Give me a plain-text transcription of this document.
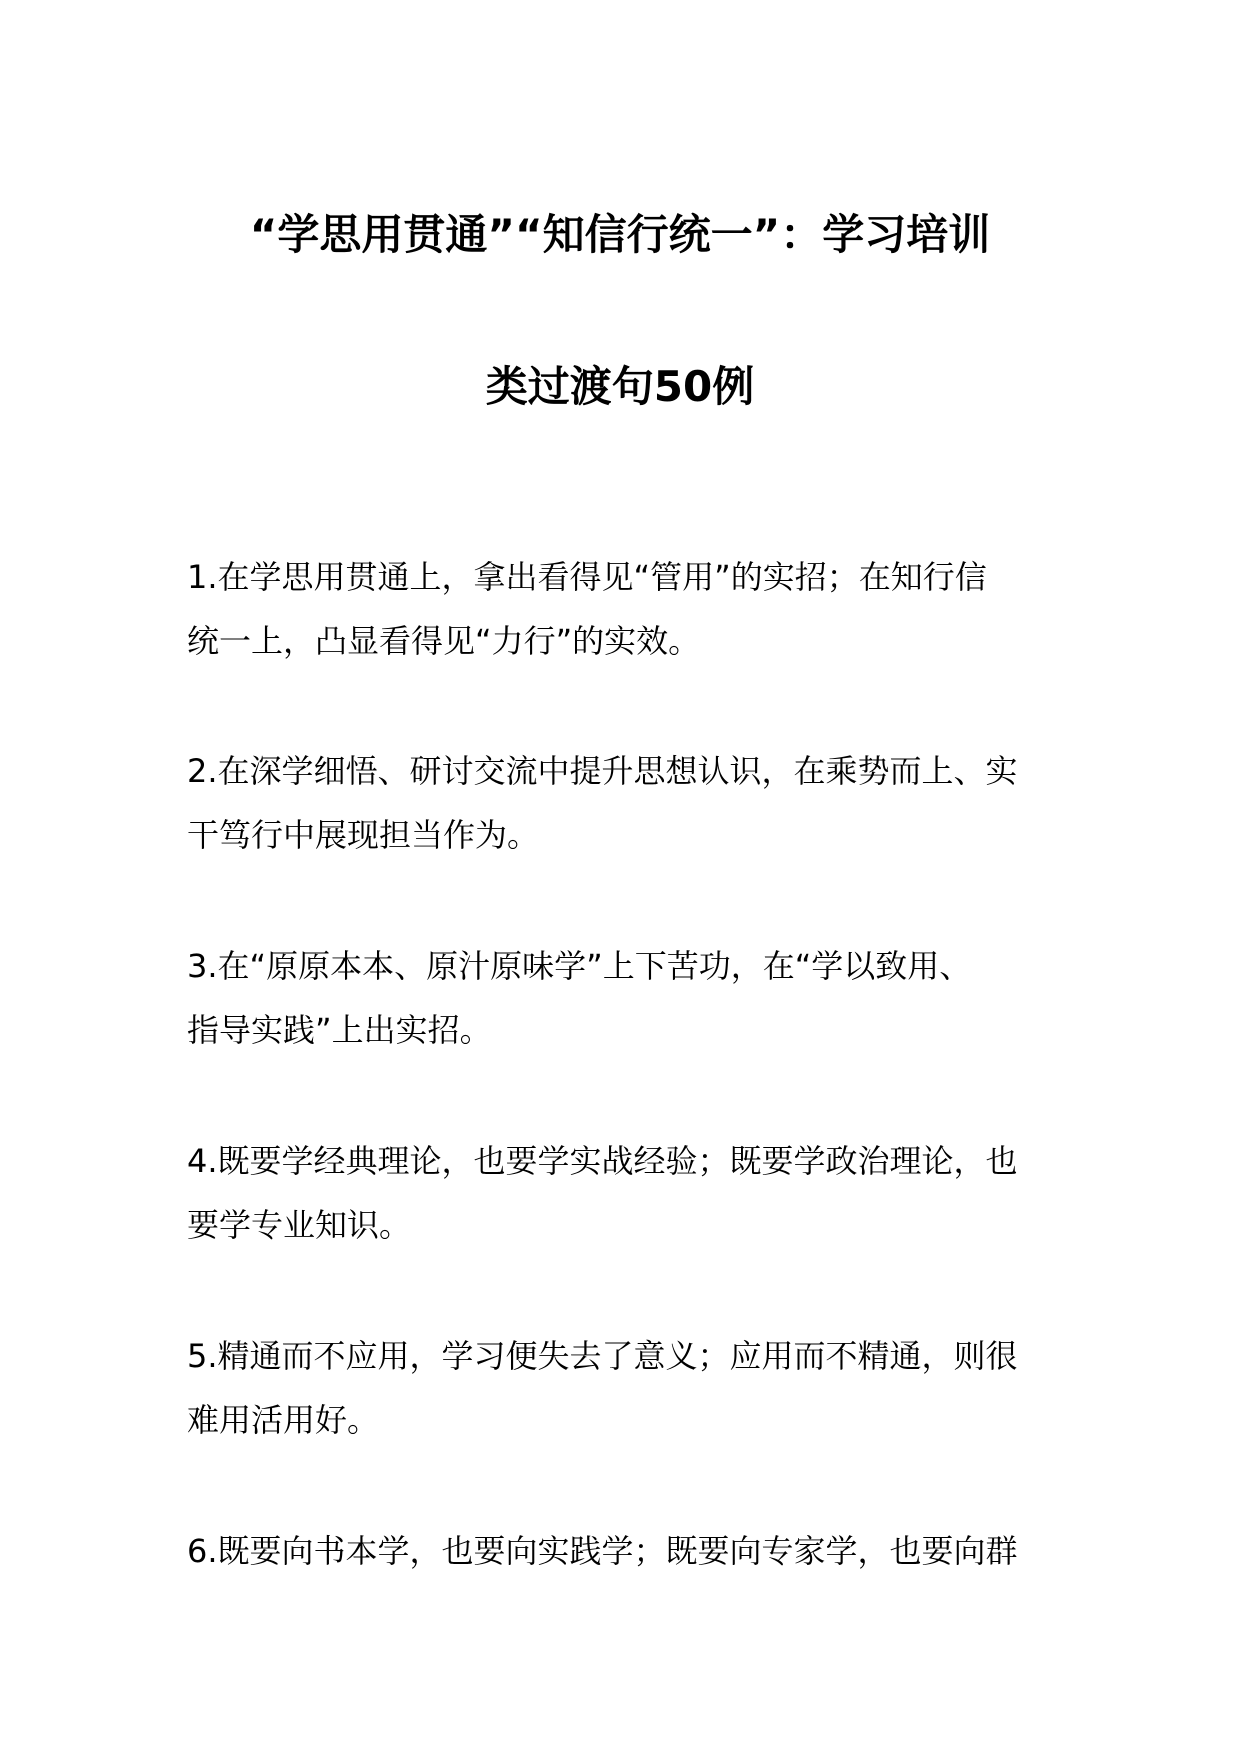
“学思用贯通”“知信行统一”：学习培训
类过渡句50例

1.在学思用贯通上，拿出看得见“管用”的实招；在知行信
统一上，凸显看得见“力行”的实效。

2.在深学细悟、研讨交流中提升思想认识，在乘势而上、实
干笃行中展现担当作为。

3.在“原原本本、原汁原味学”上下苦功，在“学以致用、
指导实践”上出实招。

4.既要学经典理论，也要学实战经验；既要学政治理论，也
要学专业知识。

5.精通而不应用，学习便失去了意义；应用而不精通，则很
难用活用好。

6.既要向书本学，也要向实践学；既要向专家学，也要向群
